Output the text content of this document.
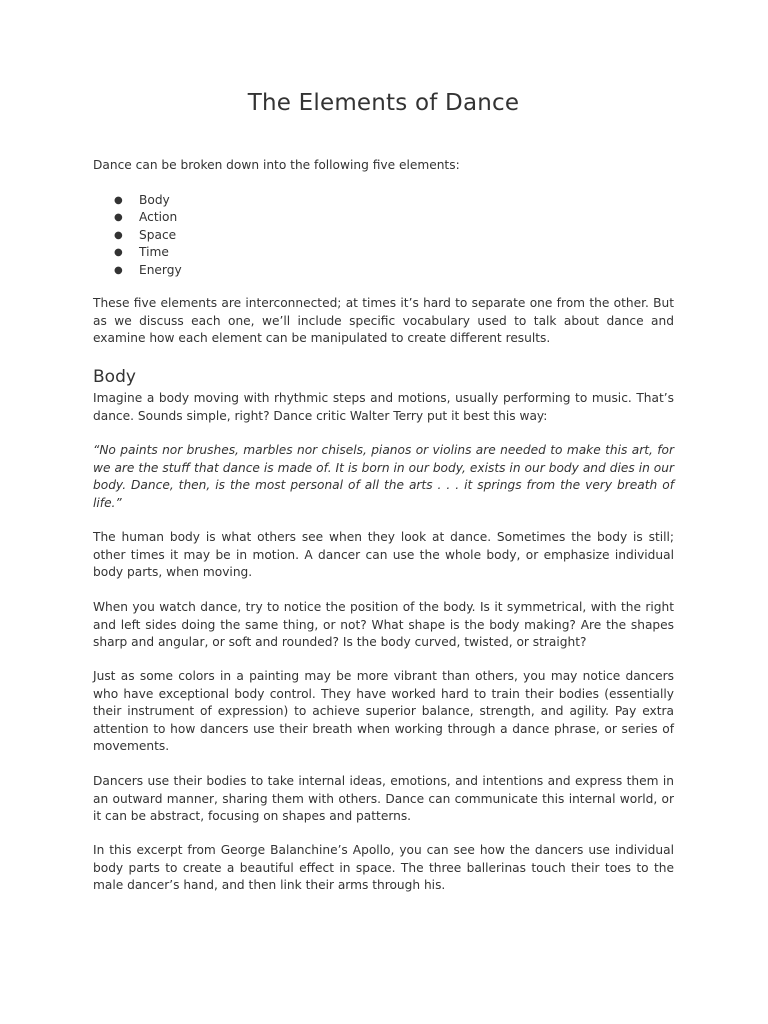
The Elements of Dance

Dance can be broken down into the following five elements:

● Body
● Action
● Space
● Time
● Energy

These five elements are interconnected; at times it’s hard to separate one from the other. But as we discuss each one, we’ll include specific vocabulary used to talk about dance and examine how each element can be manipulated to create different results.

Body

Imagine a body moving with rhythmic steps and motions, usually performing to music. That’s dance. Sounds simple, right? Dance critic Walter Terry put it best this way:

“No paints nor brushes, marbles nor chisels, pianos or violins are needed to make this art, for we are the stuff that dance is made of. It is born in our body, exists in our body and dies in our body. Dance, then, is the most personal of all the arts . . . it springs from the very breath of life.”

The human body is what others see when they look at dance. Sometimes the body is still; other times it may be in motion. A dancer can use the whole body, or emphasize individual body parts, when moving.

When you watch dance, try to notice the position of the body. Is it symmetrical, with the right and left sides doing the same thing, or not? What shape is the body making? Are the shapes sharp and angular, or soft and rounded? Is the body curved, twisted, or straight?

Just as some colors in a painting may be more vibrant than others, you may notice dancers who have exceptional body control. They have worked hard to train their bodies (essentially their instrument of expression) to achieve superior balance, strength, and agility. Pay extra attention to how dancers use their breath when working through a dance phrase, or series of movements.

Dancers use their bodies to take internal ideas, emotions, and intentions and express them in an outward manner, sharing them with others. Dance can communicate this internal world, or it can be abstract, focusing on shapes and patterns.

In this excerpt from George Balanchine’s Apollo, you can see how the dancers use individual body parts to create a beautiful effect in space. The three ballerinas touch their toes to the male dancer’s hand, and then link their arms through his.
